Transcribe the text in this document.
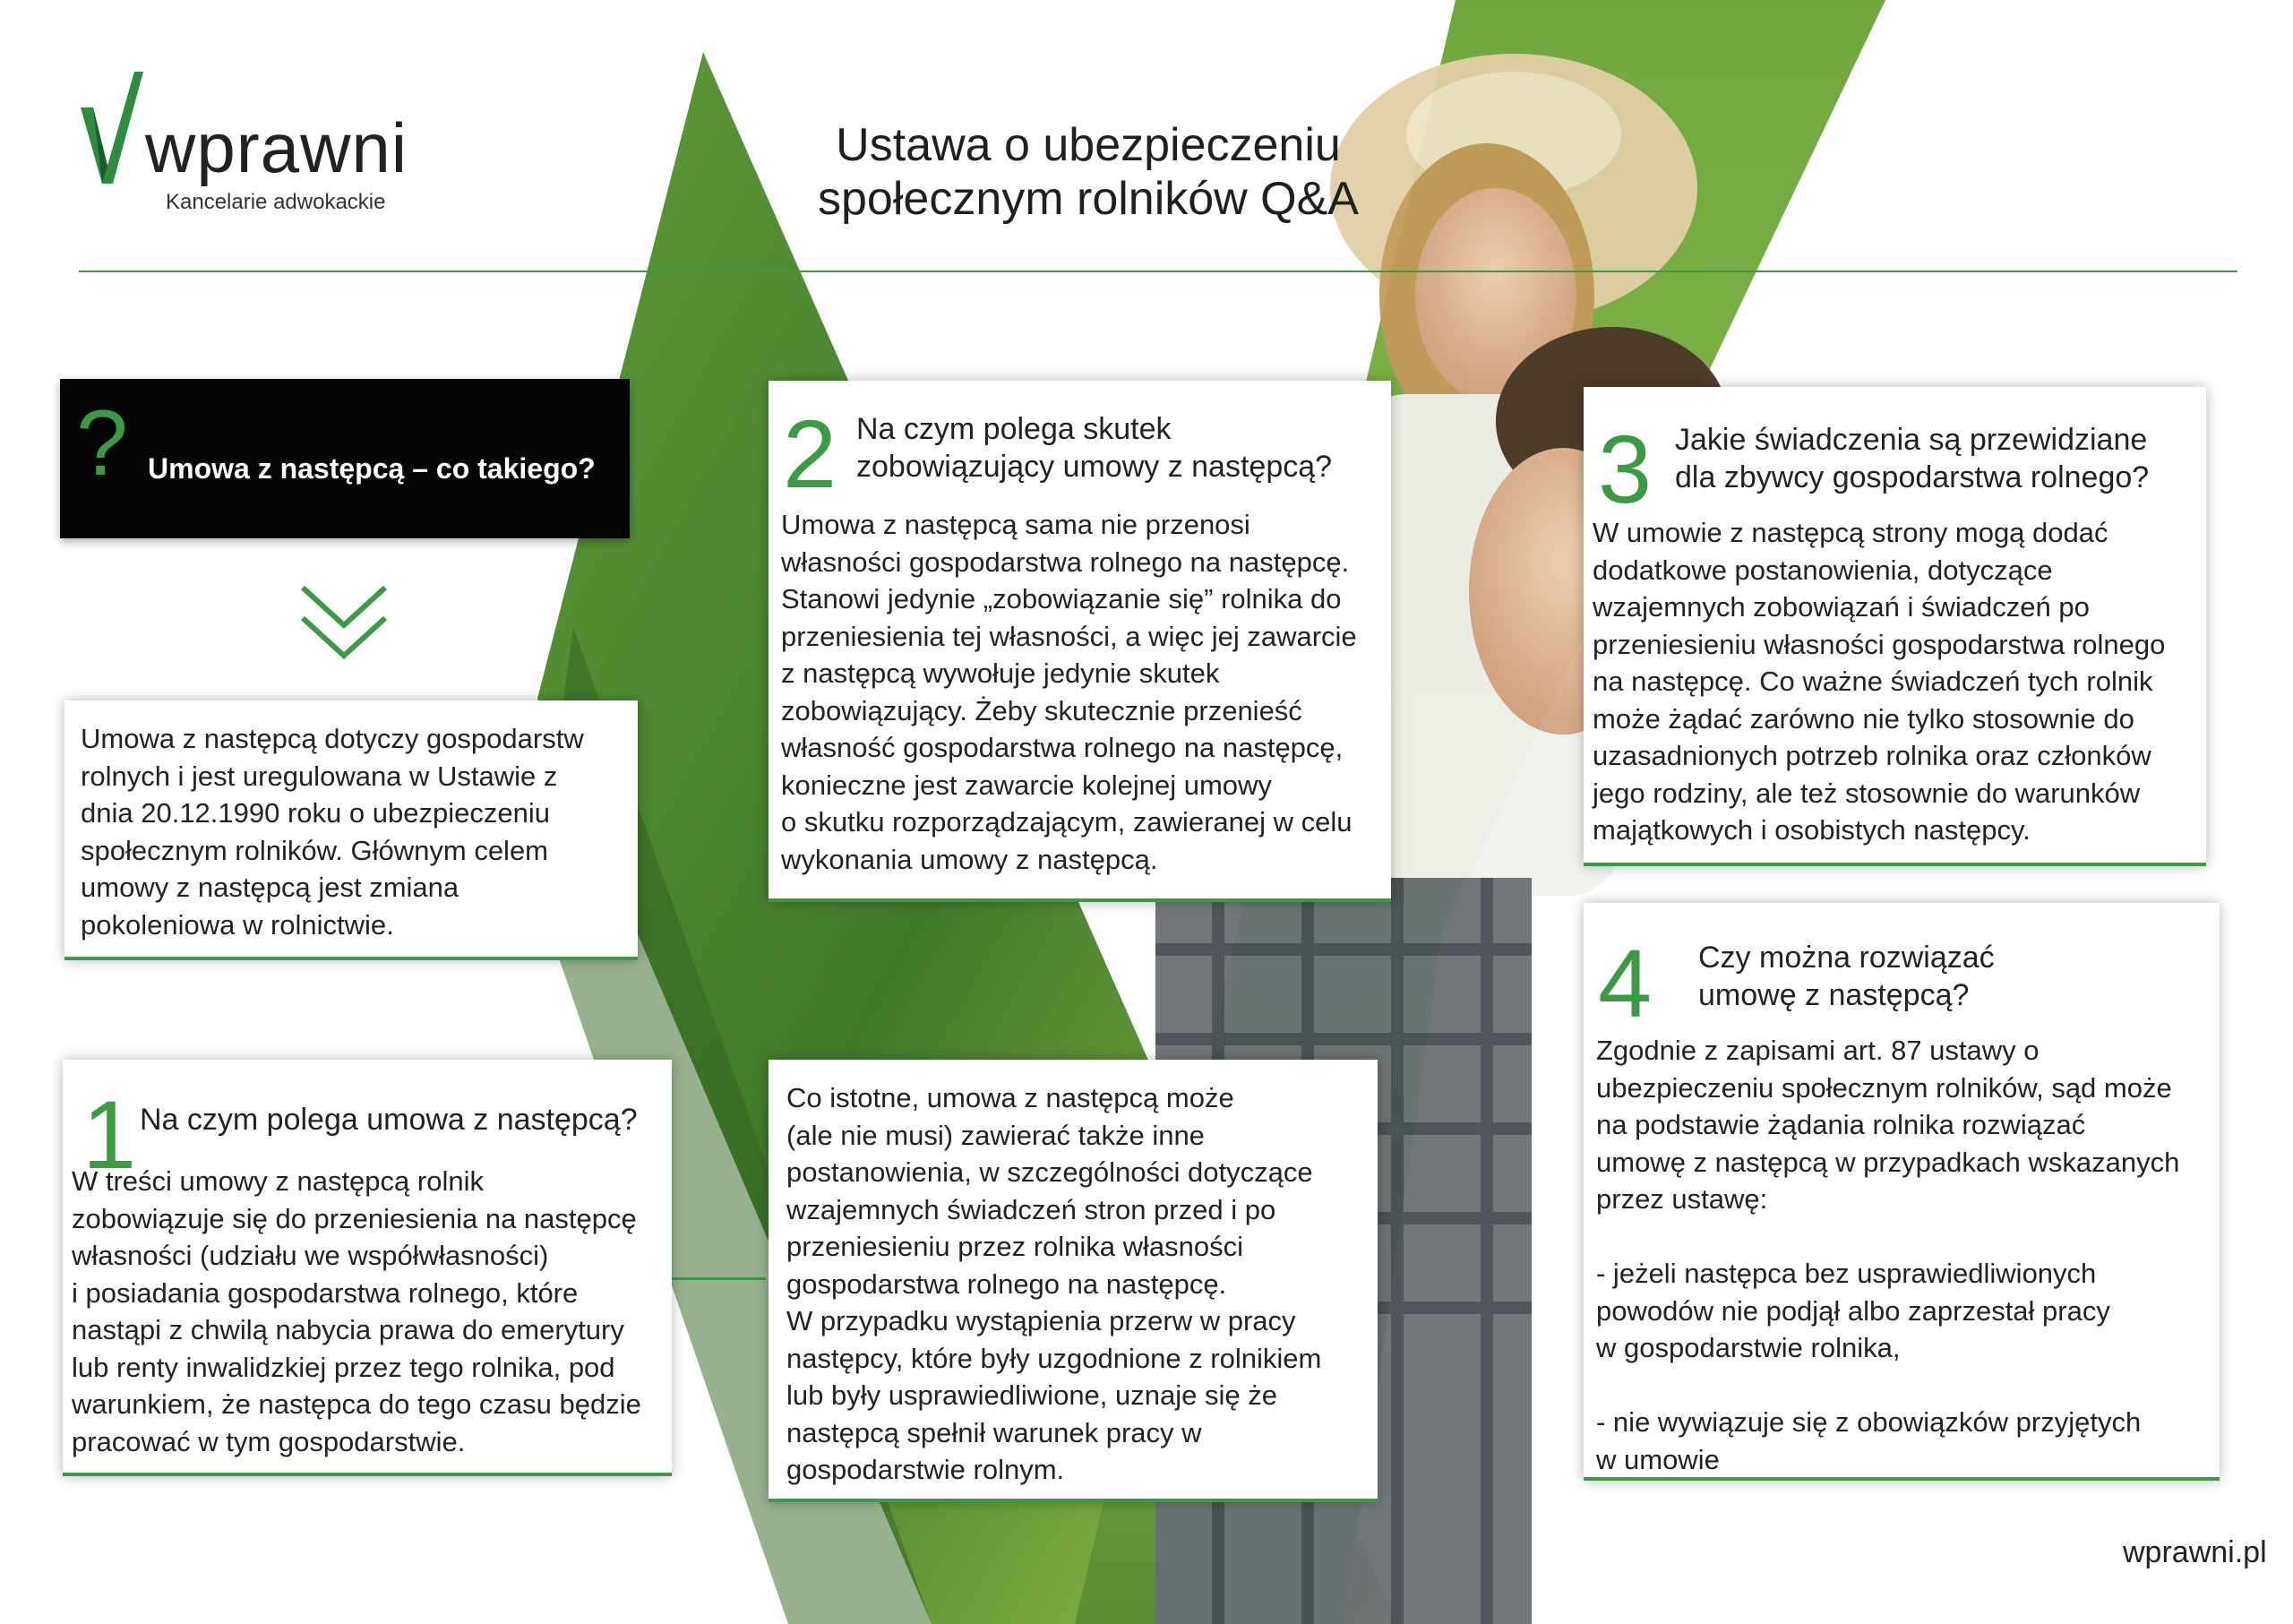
wprawni
Kancelarie adwokackie
Ustawa o ubezpieczeniu
społecznym rolników Q&A
? Umowa z następcą – co takiego?

Umowa z następcą dotyczy gospodarstw
rolnych i jest uregulowana w Ustawie z
dnia 20.12.1990 roku o ubezpieczeniu
społecznym rolników. Głównym celem
umowy z następcą jest zmiana
pokoleniowa w rolnictwie.

1 Na czym polega umowa z następcą?

W treści umowy z następcą rolnik
zobowiązuje się do przeniesienia na następcę
własności (udziału we współwłasności)
i posiadania gospodarstwa rolnego, które
nastąpi z chwilą nabycia prawa do emerytury
lub renty inwalidzkiej przez tego rolnika, pod
warunkiem, że następca do tego czasu będzie
pracować w tym gospodarstwie.

2 Na czym polega skutek
zobowiązujący umowy z następcą?

Umowa z następcą sama nie przenosi
własności gospodarstwa rolnego na następcę.
Stanowi jedynie „zobowiązanie się” rolnika do
przeniesienia tej własności, a więc jej zawarcie
z następcą wywołuje jedynie skutek
zobowiązujący. Żeby skutecznie przenieść
własność gospodarstwa rolnego na następcę,
konieczne jest zawarcie kolejnej umowy
o skutku rozporządzającym, zawieranej w celu
wykonania umowy z następcą.

Co istotne, umowa z następcą może
(ale nie musi) zawierać także inne
postanowienia, w szczególności dotyczące
wzajemnych świadczeń stron przed i po
przeniesieniu przez rolnika własności
gospodarstwa rolnego na następcę.
W przypadku wystąpienia przerw w pracy
następcy, które były uzgodnione z rolnikiem
lub były usprawiedliwione, uznaje się że
następcą spełnił warunek pracy w
gospodarstwie rolnym.

3 Jakie świadczenia są przewidziane
dla zbywcy gospodarstwa rolnego?

W umowie z następcą strony mogą dodać
dodatkowe postanowienia, dotyczące
wzajemnych zobowiązań i świadczeń po
przeniesieniu własności gospodarstwa rolnego
na następcę. Co ważne świadczeń tych rolnik
może żądać zarówno nie tylko stosownie do
uzasadnionych potrzeb rolnika oraz członków
jego rodziny, ale też stosownie do warunków
majątkowych i osobistych następcy.

4 Czy można rozwiązać
umowę z następcą?

Zgodnie z zapisami art. 87 ustawy o
ubezpieczeniu społecznym rolników, sąd może
na podstawie żądania rolnika rozwiązać
umowę z następcą w przypadkach wskazanych
przez ustawę:

- jeżeli następca bez usprawiedliwionych
powodów nie podjął albo zaprzestał pracy
w gospodarstwie rolnika,

- nie wywiązuje się z obowiązków przyjętych
w umowie

wprawni.pl
